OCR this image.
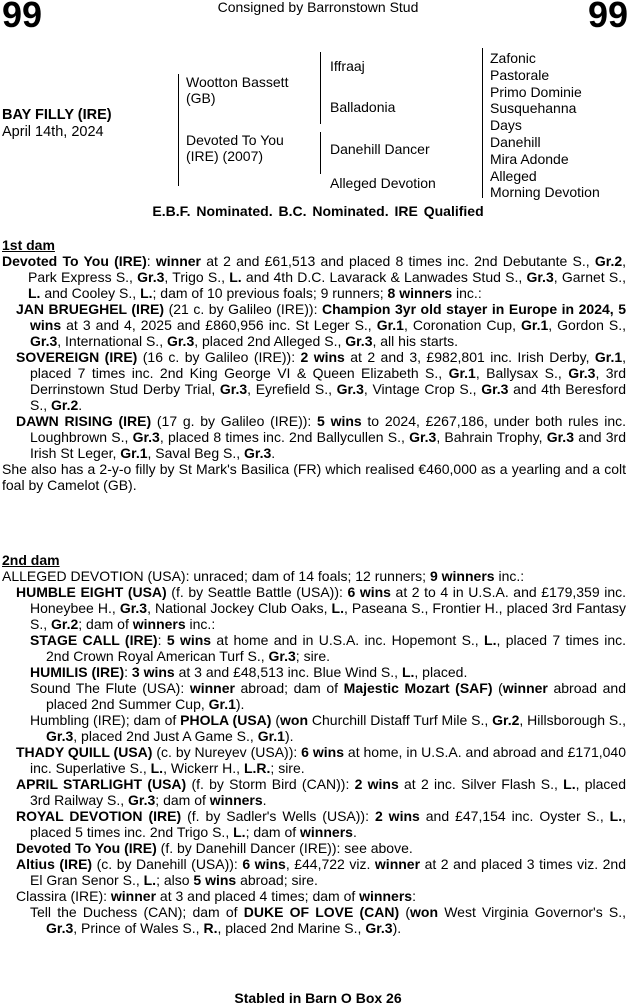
99	Consigned by Barronstown Stud	99
BAY FILLY (IRE)
April 14th, 2024
Wootton Bassett (GB)
Devoted To You (IRE) (2007)
Iffraaj
Balladonia
Danehill Dancer
Alleged Devotion
Zafonic
Pastorale
Primo Dominie
Susquehanna
Days
Danehill
Mira Adonde
Alleged
Morning Devotion
E.B.F. Nominated. B.C. Nominated. IRE Qualified

1st dam

Devoted To You (IRE): winner at 2 and £61,513 and placed 8 times inc. 2nd Debutante S., Gr.2, Park Express S., Gr.3, Trigo S., L. and 4th D.C. Lavarack & Lanwades Stud S., Gr.3, Garnet S., L. and Cooley S., L.; dam of 10 previous foals; 9 runners; 8 winners inc.:

JAN BRUEGHEL (IRE) (21 c. by Galileo (IRE)): Champion 3yr old stayer in Europe in 2024, 5 wins at 3 and 4, 2025 and £860,956 inc. St Leger S., Gr.1, Coronation Cup, Gr.1, Gordon S., Gr.3, International S., Gr.3, placed 2nd Alleged S., Gr.3, all his starts.

SOVEREIGN (IRE) (16 c. by Galileo (IRE)): 2 wins at 2 and 3, £982,801 inc. Irish Derby, Gr.1, placed 7 times inc. 2nd King George VI & Queen Elizabeth S., Gr.1, Ballysax S., Gr.3, 3rd Derrinstown Stud Derby Trial, Gr.3, Eyrefield S., Gr.3, Vintage Crop S., Gr.3 and 4th Beresford S., Gr.2.

DAWN RISING (IRE) (17 g. by Galileo (IRE)): 5 wins to 2024, £267,186, under both rules inc. Loughbrown S., Gr.3, placed 8 times inc. 2nd Ballycullen S., Gr.3, Bahrain Trophy, Gr.3 and 3rd Irish St Leger, Gr.1, Saval Beg S., Gr.3.

She also has a 2-y-o filly by St Mark's Basilica (FR) which realised €460,000 as a yearling and a colt foal by Camelot (GB).

2nd dam

ALLEGED DEVOTION (USA): unraced; dam of 14 foals; 12 runners; 9 winners inc.:

HUMBLE EIGHT (USA) (f. by Seattle Battle (USA)): 6 wins at 2 to 4 in U.S.A. and £179,359 inc. Honeybee H., Gr.3, National Jockey Club Oaks, L., Paseana S., Frontier H., placed 3rd Fantasy S., Gr.2; dam of winners inc.:

STAGE CALL (IRE): 5 wins at home and in U.S.A. inc. Hopemont S., L., placed 7 times inc. 2nd Crown Royal American Turf S., Gr.3; sire.

HUMILIS (IRE): 3 wins at 3 and £48,513 inc. Blue Wind S., L., placed.

Sound The Flute (USA): winner abroad; dam of Majestic Mozart (SAF) (winner abroad and placed 2nd Summer Cup, Gr.1).

Humbling (IRE); dam of PHOLA (USA) (won Churchill Distaff Turf Mile S., Gr.2, Hillsborough S., Gr.3, placed 2nd Just A Game S., Gr.1).

THADY QUILL (USA) (c. by Nureyev (USA)): 6 wins at home, in U.S.A. and abroad and £171,040 inc. Superlative S., L., Wickerr H., L.R.; sire.

APRIL STARLIGHT (USA) (f. by Storm Bird (CAN)): 2 wins at 2 inc. Silver Flash S., L., placed 3rd Railway S., Gr.3; dam of winners.

ROYAL DEVOTION (IRE) (f. by Sadler's Wells (USA)): 2 wins and £47,154 inc. Oyster S., L., placed 5 times inc. 2nd Trigo S., L.; dam of winners.

Devoted To You (IRE) (f. by Danehill Dancer (IRE)): see above.

Altius (IRE) (c. by Danehill (USA)): 6 wins, £44,722 viz. winner at 2 and placed 3 times viz. 2nd El Gran Senor S., L.; also 5 wins abroad; sire.

Classira (IRE): winner at 3 and placed 4 times; dam of winners:

Tell the Duchess (CAN); dam of DUKE OF LOVE (CAN) (won West Virginia Governor's S., Gr.3, Prince of Wales S., R., placed 2nd Marine S., Gr.3).

Stabled in Barn O Box 26
